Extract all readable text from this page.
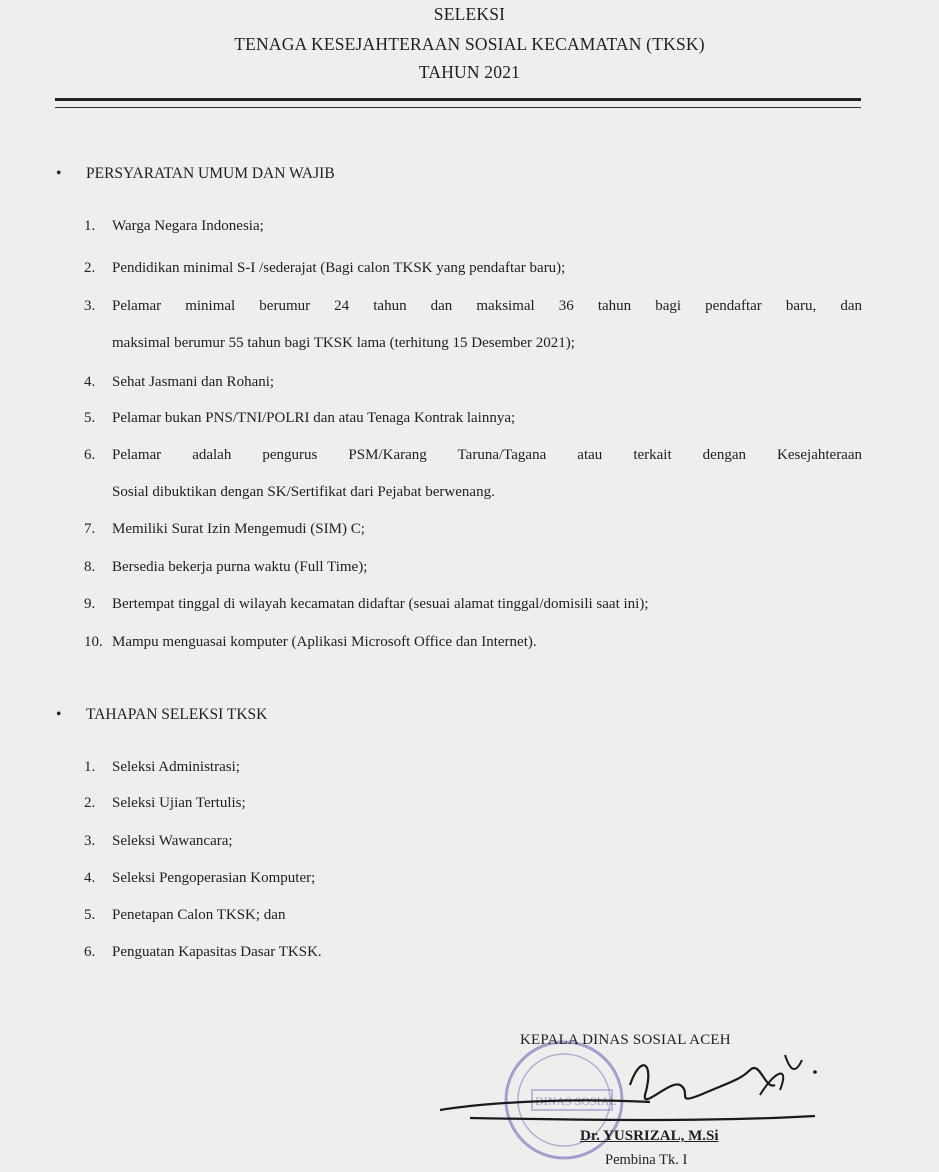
SELEKSI
TENAGA KESEJAHTERAAN SOSIAL KECAMATAN (TKSK)
TAHUN 2021
• PERSYARATAN UMUM DAN WAJIB
1. Warga Negara Indonesia;
2. Pendidikan minimal S-I /sederajat (Bagi calon TKSK yang pendaftar baru);
3. Pelamar minimal berumur 24 tahun dan maksimal 36 tahun bagi pendaftar baru, dan
maksimal berumur 55 tahun bagi TKSK lama (terhitung 15 Desember 2021);
4. Sehat Jasmani dan Rohani;
5. Pelamar bukan PNS/TNI/POLRI dan atau Tenaga Kontrak lainnya;
6. Pelamar adalah pengurus PSM/Karang Taruna/Tagana atau terkait dengan Kesejahteraan
Sosial dibuktikan dengan SK/Sertifikat dari Pejabat berwenang.
7. Memiliki Surat Izin Mengemudi (SIM) C;
8. Bersedia bekerja purna waktu (Full Time);
9. Bertempat tinggal di wilayah kecamatan didaftar (sesuai alamat tinggal/domisili saat ini);
10. Mampu menguasai komputer (Aplikasi Microsoft Office dan Internet).
• TAHAPAN SELEKSI TKSK
1. Seleksi Administrasi;
2. Seleksi Ujian Tertulis;
3. Seleksi Wawancara;
4. Seleksi Pengoperasian Komputer;
5. Penetapan Calon TKSK; dan
6. Penguatan Kapasitas Dasar TKSK.
DINAS SOSIAL
KEPALA DINAS SOSIAL ACEH
Dr. YUSRIZAL, M.Si
Pembina Tk. I
